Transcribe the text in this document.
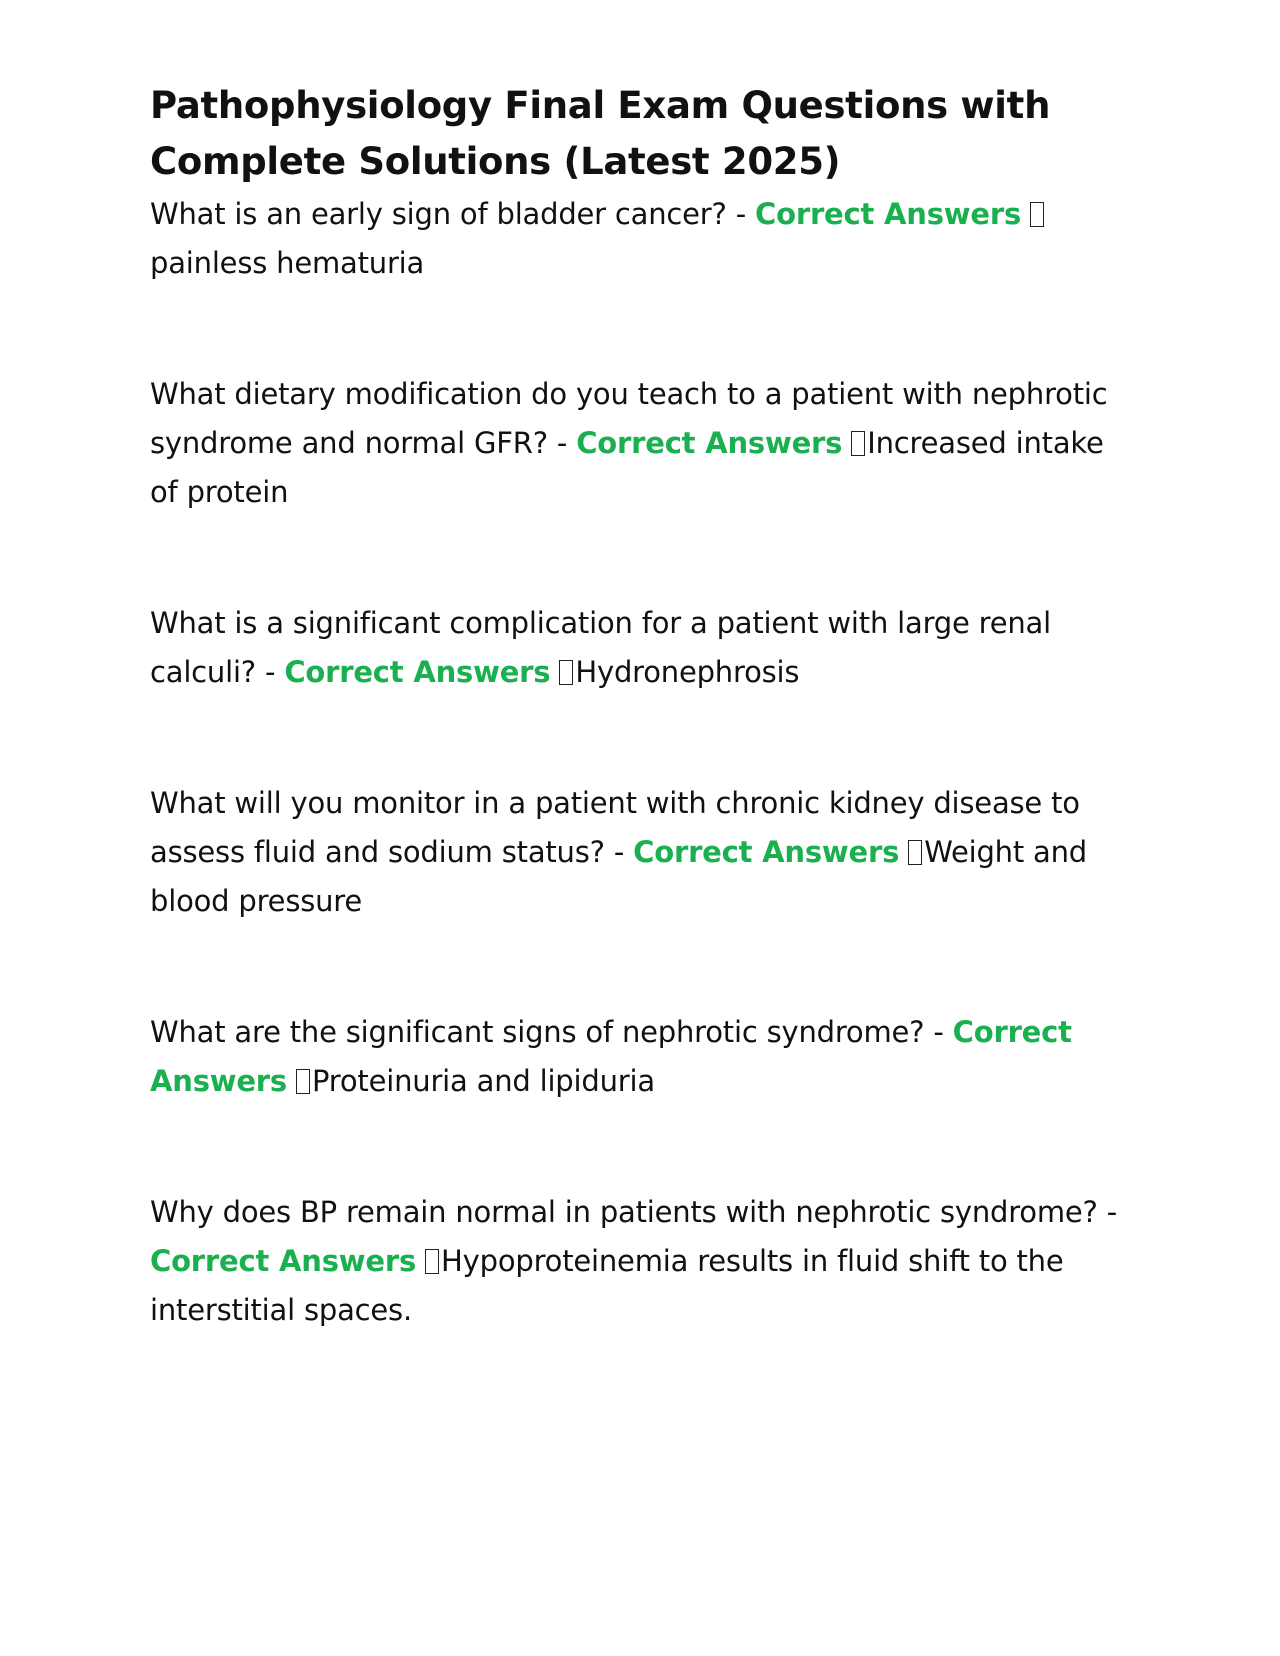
Pathophysiology Final Exam Questions with Complete Solutions (Latest 2025)

What is an early sign of bladder cancer? - Correct Answers painless hematuria

What dietary modification do you teach to a patient with nephrotic syndrome and normal GFR? - Correct Answers Increased intake of protein

What is a significant complication for a patient with large renal calculi? - Correct Answers Hydronephrosis

What will you monitor in a patient with chronic kidney disease to assess fluid and sodium status? - Correct Answers Weight and blood pressure

What are the significant signs of nephrotic syndrome? - Correct Answers Proteinuria and lipiduria

Why does BP remain normal in patients with nephrotic syndrome? - Correct Answers Hypoproteinemia results in fluid shift to the interstitial spaces.
